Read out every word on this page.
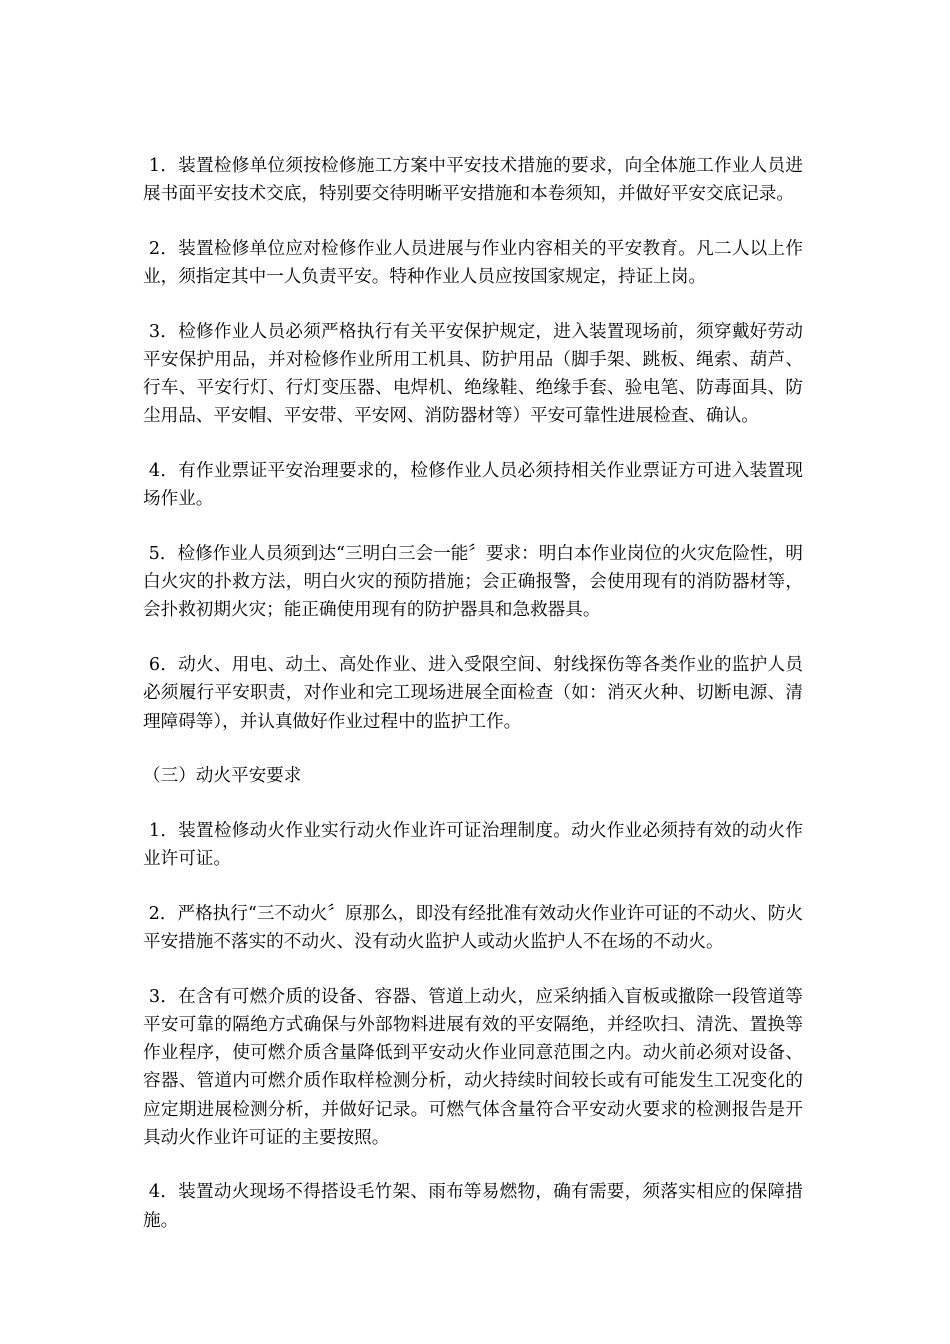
1．装置检修单位须按检修施工方案中平安技术措施的要求，向全体施工作业人员进展书面平安技术交底，特别要交待明晰平安措施和本卷须知，并做好平安交底记录。

2．装置检修单位应对检修作业人员进展与作业内容相关的平安教育。凡二人以上作业，须指定其中一人负责平安。特种作业人员应按国家规定，持证上岗。

3．检修作业人员必须严格执行有关平安保护规定，进入装置现场前，须穿戴好劳动平安保护用品，并对检修作业所用工机具、防护用品（脚手架、跳板、绳索、葫芦、行车、平安行灯、行灯变压器、电焊机、绝缘鞋、绝缘手套、验电笔、防毒面具、防尘用品、平安帽、平安带、平安网、消防器材等）平安可靠性进展检查、确认。

4．有作业票证平安治理要求的，检修作业人员必须持相关作业票证方可进入装置现场作业。

5．检修作业人员须到达“三明白三会一能〞要求：明白本作业岗位的火灾危险性，明白火灾的扑救方法，明白火灾的预防措施；会正确报警，会使用现有的消防器材等，会扑救初期火灾；能正确使用现有的防护器具和急救器具。

6．动火、用电、动土、高处作业、进入受限空间、射线探伤等各类作业的监护人员必须履行平安职责，对作业和完工现场进展全面检查（如：消灭火种、切断电源、清理障碍等），并认真做好作业过程中的监护工作。

（三）动火平安要求

1．装置检修动火作业实行动火作业许可证治理制度。动火作业必须持有效的动火作业许可证。

2．严格执行“三不动火〞原那么，即没有经批准有效动火作业许可证的不动火、防火平安措施不落实的不动火、没有动火监护人或动火监护人不在场的不动火。

3．在含有可燃介质的设备、容器、管道上动火，应采纳插入盲板或撤除一段管道等平安可靠的隔绝方式确保与外部物料进展有效的平安隔绝，并经吹扫、清洗、置换等作业程序，使可燃介质含量降低到平安动火作业同意范围之内。动火前必须对设备、容器、管道内可燃介质作取样检测分析，动火持续时间较长或有可能发生工况变化的应定期进展检测分析，并做好记录。可燃气体含量符合平安动火要求的检测报告是开具动火作业许可证的主要按照。

4．装置动火现场不得搭设毛竹架、雨布等易燃物，确有需要，须落实相应的保障措施。
